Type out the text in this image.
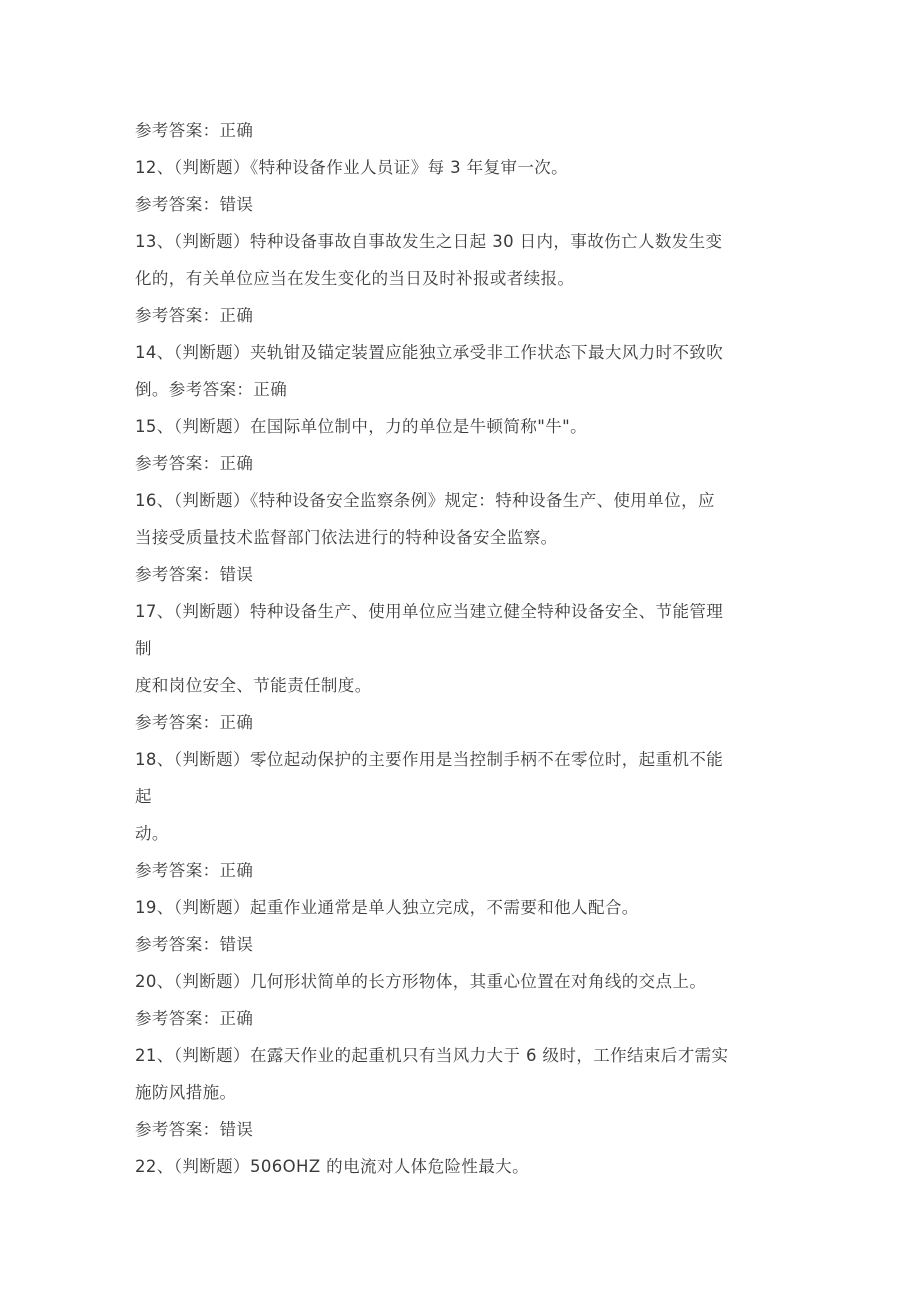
参考答案：正确
12、（判断题）《特种设备作业人员证》每 3 年复审一次。
参考答案：错误
13、（判断题）特种设备事故自事故发生之日起 30 日内，事故伤亡人数发生变
化的，有关单位应当在发生变化的当日及时补报或者续报。
参考答案：正确
14、（判断题）夹轨钳及锚定装置应能独立承受非工作状态下最大风力时不致吹
倒。参考答案：正确
15、（判断题）在国际单位制中，力的单位是牛顿简称"牛"。
参考答案：正确
16、（判断题）《特种设备安全监察条例》规定：特种设备生产、使用单位，应
当接受质量技术监督部门依法进行的特种设备安全监察。
参考答案：错误
17、（判断题）特种设备生产、使用单位应当建立健全特种设备安全、节能管理
制
度和岗位安全、节能责任制度。
参考答案：正确
18、（判断题）零位起动保护的主要作用是当控制手柄不在零位时，起重机不能
起
动。
参考答案：正确
19、（判断题）起重作业通常是单人独立完成，不需要和他人配合。
参考答案：错误
20、（判断题）几何形状简单的长方形物体，其重心位置在对角线的交点上。
参考答案：正确
21、（判断题）在露天作业的起重机只有当风力大于 6 级时，工作结束后才需实
施防风措施。
参考答案：错误
22、（判断题）506OHZ 的电流对人体危险性最大。
